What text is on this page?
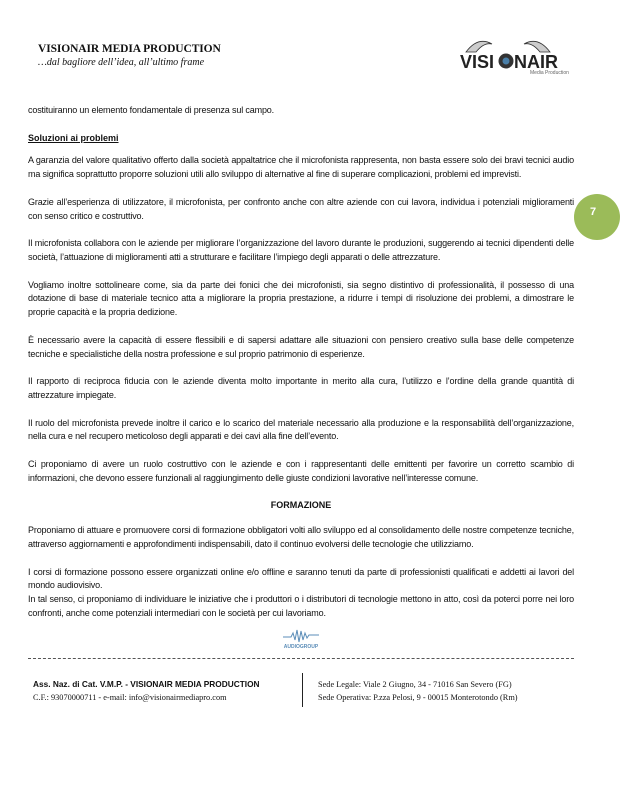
VISIONAIR MEDIA PRODUCTION
…dal bagliore dell’idea, all’ultimo frame	VISI NAIR
Media Production
7
costituiranno un elemento fondamentale di presenza sul campo.
Soluzioni ai problemi
A garanzia del valore qualitativo offerto dalla società appaltatrice che il microfonista rappresenta, non basta essere solo dei bravi tecnici audio ma significa soprattutto proporre soluzioni utili allo sviluppo di alternative al fine di superare complicazioni, problemi ed imprevisti.
Grazie all’esperienza di utilizzatore, il microfonista, per confronto anche con altre aziende con cui lavora, individua i potenziali miglioramenti con senso critico e costruttivo.
Il microfonista collabora con le aziende per migliorare l’organizzazione del lavoro durante le produzioni, suggerendo ai tecnici dipendenti delle società, l’attuazione di miglioramenti atti a strutturare e facilitare l’impiego degli apparati o delle attrezzature.
Vogliamo inoltre sottolineare come, sia da parte dei fonici che dei microfonisti, sia segno distintivo di professionalità, il possesso di una dotazione di base di materiale tecnico atta a migliorare la propria prestazione, a ridurre i tempi di risoluzione dei problemi, a dimostrare le proprie capacità e la propria dedizione.
È necessario avere la capacità di essere flessibili e di sapersi adattare alle situazioni con pensiero creativo sulla base delle competenze tecniche e specialistiche della nostra professione e sul proprio patrimonio di esperienze.
Il rapporto di reciproca fiducia con le aziende diventa molto importante in merito alla cura, l’utilizzo e l’ordine della grande quantità di attrezzature impiegate.
Il ruolo del microfonista prevede inoltre il carico e lo scarico del materiale necessario alla produzione e la responsabilità dell’organizzazione, nella cura e nel recupero meticoloso degli apparati e dei cavi alla fine dell’evento.
Ci proponiamo di avere un ruolo costruttivo con le aziende e con i rappresentanti delle emittenti per favorire un corretto scambio di informazioni, che devono essere funzionali al raggiungimento delle giuste condizioni lavorative nell’interesse comune.
FORMAZIONE
Proponiamo di attuare e promuovere corsi di formazione obbligatori volti allo sviluppo ed al consolidamento delle nostre competenze tecniche, attraverso aggiornamenti e approfondimenti indispensabili, dato il continuo evolversi delle tecnologie che utilizziamo.
I corsi di formazione possono essere organizzati online e/o offline e saranno tenuti da parte di professionisti qualificati e addetti ai lavori del mondo audiovisivo.
In tal senso, ci proponiamo di individuare le iniziative che i produttori o i distributori di tecnologie mettono in atto, così da poterci porre nei loro confronti, anche come potenziali intermediari con le società per cui lavoriamo.
AUDIOGROUP
Ass. Naz. di Cat. V.M.P. - VISIONAIR MEDIA PRODUCTION
C.F.: 93070000711 - e-mail: info@visionairmediapro.com
Sede Legale: Viale 2 Giugno, 34 - 71016 San Severo (FG)
Sede Operativa: P.zza Pelosi, 9 - 00015 Monterotondo (Rm)
